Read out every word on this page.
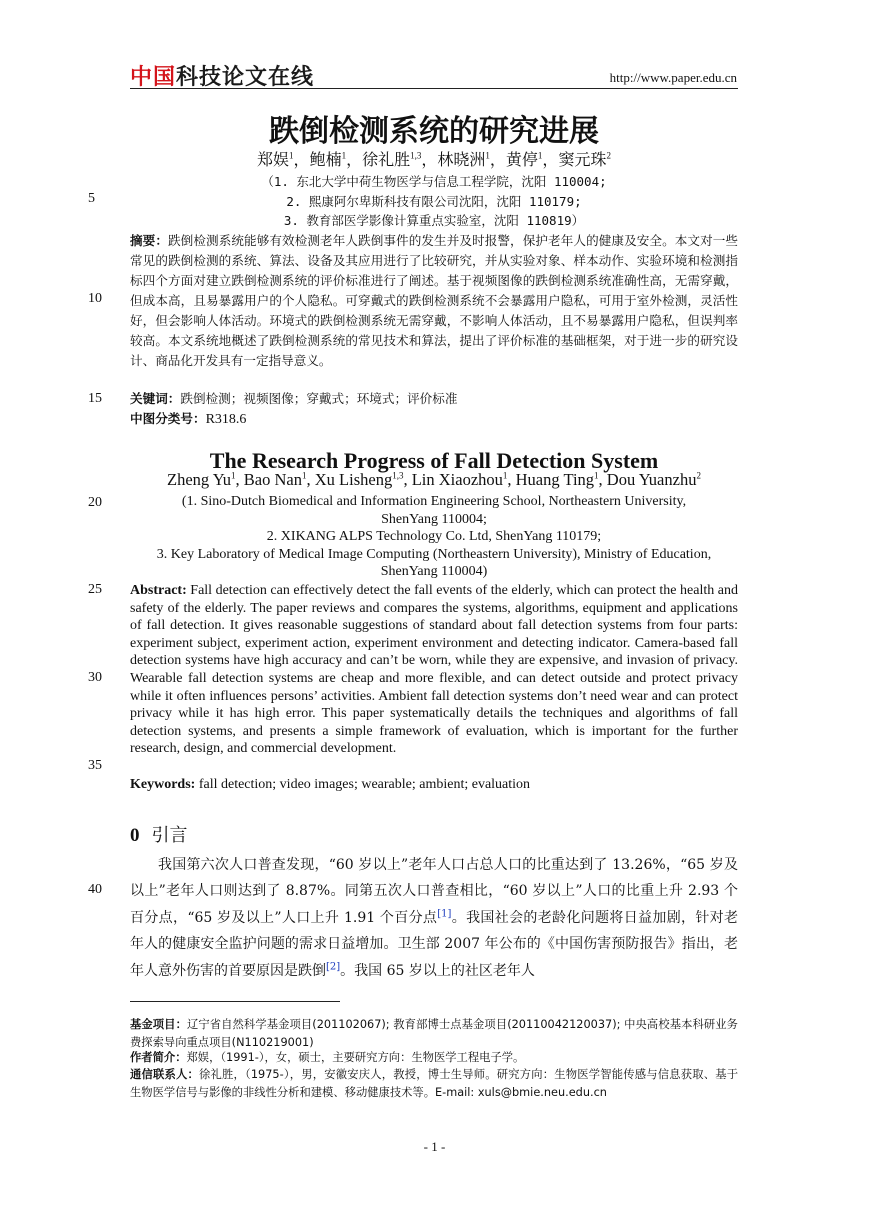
中国科技论文在线	http://www.paper.edu.cn
跌倒检测系统的研究进展
郑娱$^1$，鲍楠$^1$，徐礼胜$^{1,3}$，林晓洲$^1$，黄停$^1$，窦元珠$^2$
（1. 东北大学中荷生物医学与信息工程学院，沈阳 110004;
2. 熙康阿尔卑斯科技有限公司沈阳，沈阳 110179;
3. 教育部医学影像计算重点实验室，沈阳 110819）
5
10
15
20
25
30
35
40
摘要：跌倒检测系统能够有效检测老年人跌倒事件的发生并及时报警，保护老年人的健康及安全。本文对一些常见的跌倒检测的系统、算法、设备及其应用进行了比较研究，并从实验对象、样本动作、实验环境和检测指标四个方面对建立跌倒检测系统的评价标准进行了阐述。基于视频图像的跌倒检测系统准确性高，无需穿戴，但成本高，且易暴露用户的个人隐私。可穿戴式的跌倒检测系统不会暴露用户隐私，可用于室外检测，灵活性好，但会影响人体活动。环境式的跌倒检测系统无需穿戴，不影响人体活动，且不易暴露用户隐私，但误判率较高。本文系统地概述了跌倒检测系统的常见技术和算法，提出了评价标准的基础框架，对于进一步的研究设计、商品化开发具有一定指导意义。
关键词：跌倒检测；视频图像；穿戴式；环境式；评价标准
中图分类号：R318.6
The Research Progress of Fall Detection System
Zheng Yu$^1$, Bao Nan$^1$, Xu Lisheng$^{1,3}$, Lin Xiaozhou$^1$, Huang Ting$^1$, Dou Yuanzhu$^2$
(1. Sino-Dutch Biomedical and Information Engineering School, Northeastern University,
ShenYang 110004;
2. XIKANG ALPS Technology Co. Ltd, ShenYang 110179;
3. Key Laboratory of Medical Image Computing (Northeastern University), Ministry of Education,
ShenYang 110004)
Abstract: Fall detection can effectively detect the fall events of the elderly, which can protect the health and safety of the elderly. The paper reviews and compares the systems, algorithms, equipment and applications of fall detection. It gives reasonable suggestions of standard about fall detection systems from four parts: experiment subject, experiment action, experiment environment and detecting indicator. Camera-based fall detection systems have high accuracy and can’t be worn, while they are expensive, and invasion of privacy. Wearable fall detection systems are cheap and more flexible, and can detect outside and protect privacy while it often influences persons’ activities. Ambient fall detection systems don’t need wear and can protect privacy while it has high error. This paper systematically details the techniques and algorithms of fall detection systems, and presents a simple framework of evaluation, which is important for the further research, design, and commercial development.
Keywords: fall detection; video images; wearable; ambient; evaluation
0 引言
我国第六次人口普查发现，“60 岁以上”老年人口占总人口的比重达到了 13.26%，“65 岁及以上”老年人口则达到了 8.87%。同第五次人口普查相比，“60 岁以上”人口的比重上升 2.93 个百分点，“65 岁及以上”人口上升 1.91 个百分点[1]。我国社会的老龄化问题将日益加剧，针对老年人的健康安全监护问题的需求日益增加。卫生部 2007 年公布的《中国伤害预防报告》指出，老年人意外伤害的首要原因是跌倒[2]。我国 65 岁以上的社区老年人
基金项目：辽宁省自然科学基金项目(201102067); 教育部博士点基金项目(20110042120037); 中央高校基本科研业务费探索导向重点项目(N110219001)
作者简介：郑娱，（1991-），女，硕士，主要研究方向：生物医学工程电子学。
通信联系人：徐礼胜，（1975-），男，安徽安庆人，教授，博士生导师。研究方向：生物医学智能传感与信息获取、基于生物医学信号与影像的非线性分析和建模、移动健康技术等。E-mail: xuls@bmie.neu.edu.cn
- 1 -
